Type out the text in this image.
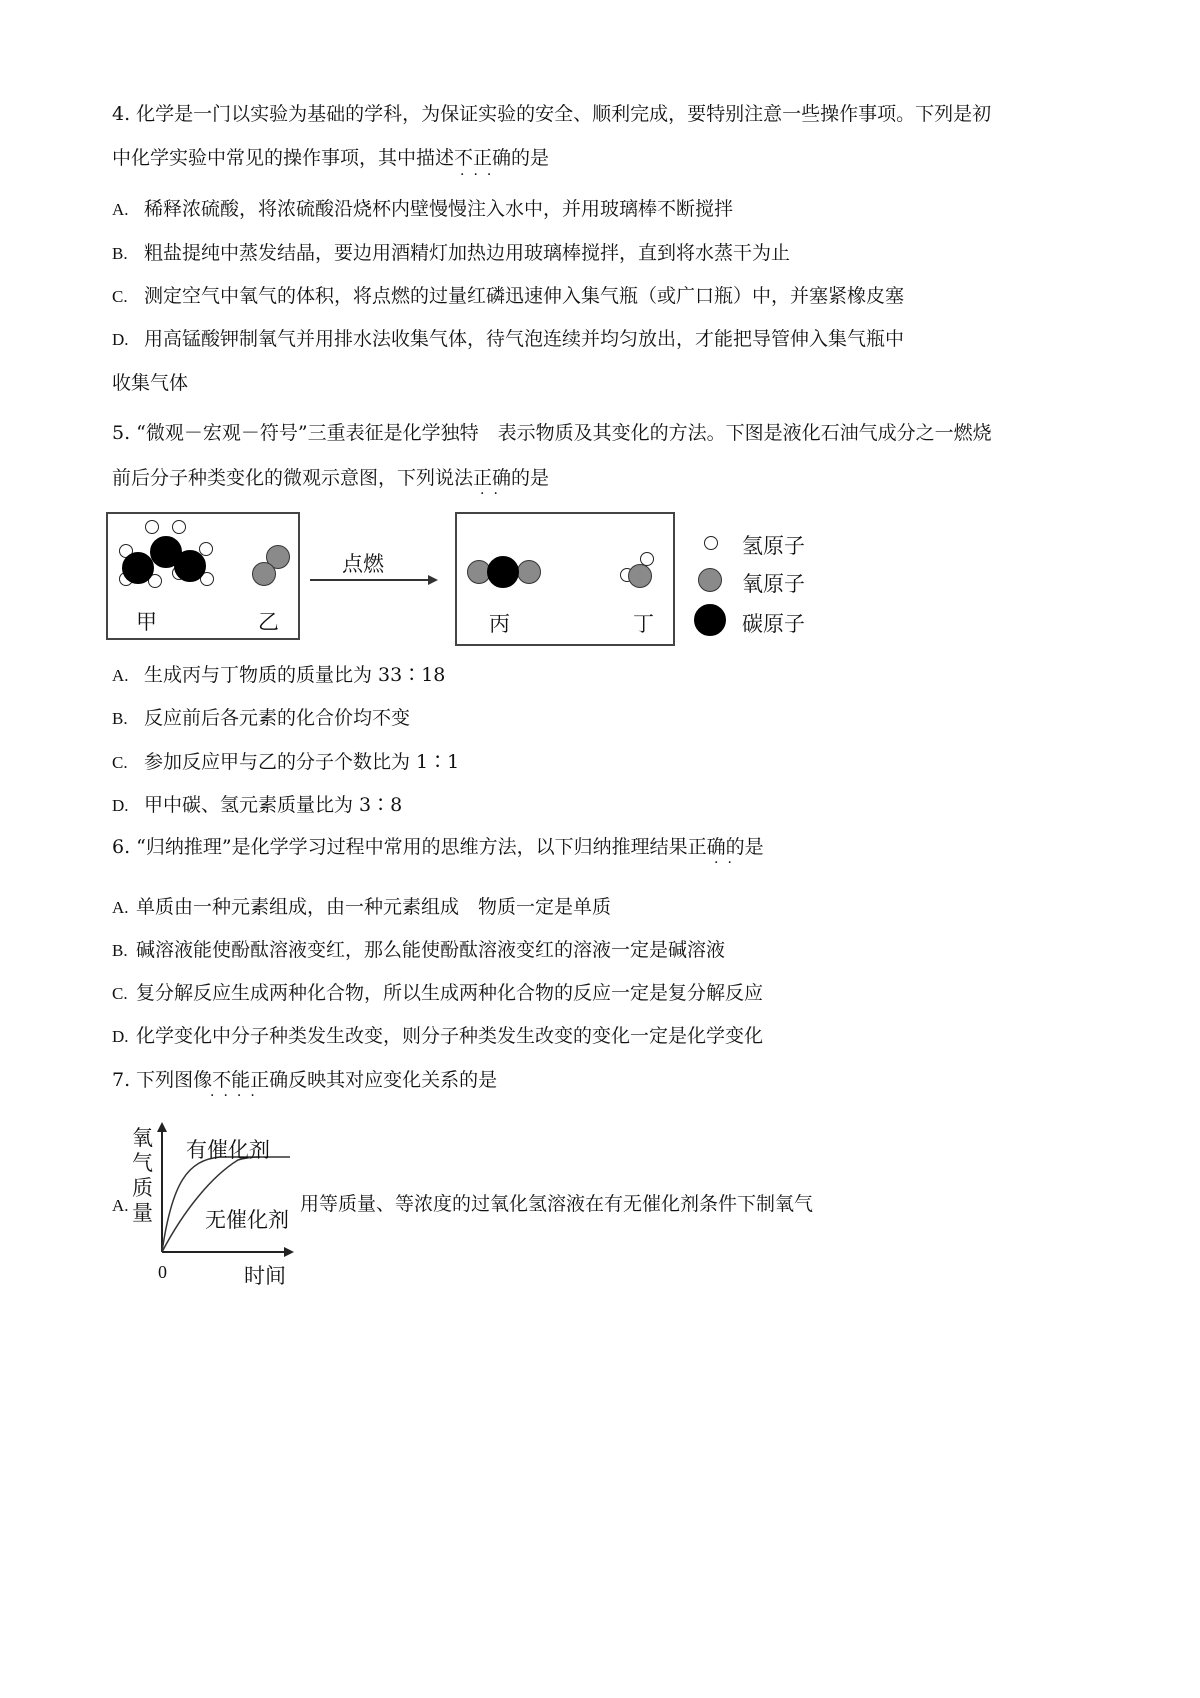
4. 化学是一门以实验为基础的学科，为保证实验的安全、顺利完成，要特别注意一些操作事项。下列是初
中化学实验中常见的操作事项，其中描述不正确的是
···
A. 稀释浓硫酸，将浓硫酸沿烧杯内壁慢慢注入水中，并用玻璃棒不断搅拌
B. 粗盐提纯中蒸发结晶，要边用酒精灯加热边用玻璃棒搅拌，直到将水蒸干为止
C. 测定空气中氧气的体积，将点燃的过量红磷迅速伸入集气瓶（或广口瓶）中，并塞紧橡皮塞
D. 用高锰酸钾制氧气并用排水法收集气体，待气泡连续并均匀放出，才能把导管伸入集气瓶中
收集气体
5. “微观－宏观－符号”三重表征是化学独特　表示物质及其变化的方法。下图是液化石油气成分之一燃烧
前后分子种类变化的微观示意图，下列说法正确的是
··
甲	乙
点燃
丙	丁
氢原子
氧原子
碳原子
A. 生成丙与丁物质的质量比为 33∶18
B. 反应前后各元素的化合价均不变
C. 参加反应甲与乙的分子个数比为 1∶1
D. 甲中碳、氢元素质量比为 3∶8
6. “归纳推理”是化学学习过程中常用的思维方法，以下归纳推理结果正确的是
··
A. 单质由一种元素组成，由一种元素组成　物质一定是单质
B. 碱溶液能使酚酞溶液变红，那么能使酚酞溶液变红的溶液一定是碱溶液
C. 复分解反应生成两种化合物，所以生成两种化合物的反应一定是复分解反应
D. 化学变化中分子种类发生改变，则分子种类发生改变的变化一定是化学变化
7. 下列图像不能正确反映其对应变化关系的是
····
A.
氧气质量
有催化剂
无催化剂
0	时间
用等质量、等浓度的过氧化氢溶液在有无催化剂条件下制氧气
